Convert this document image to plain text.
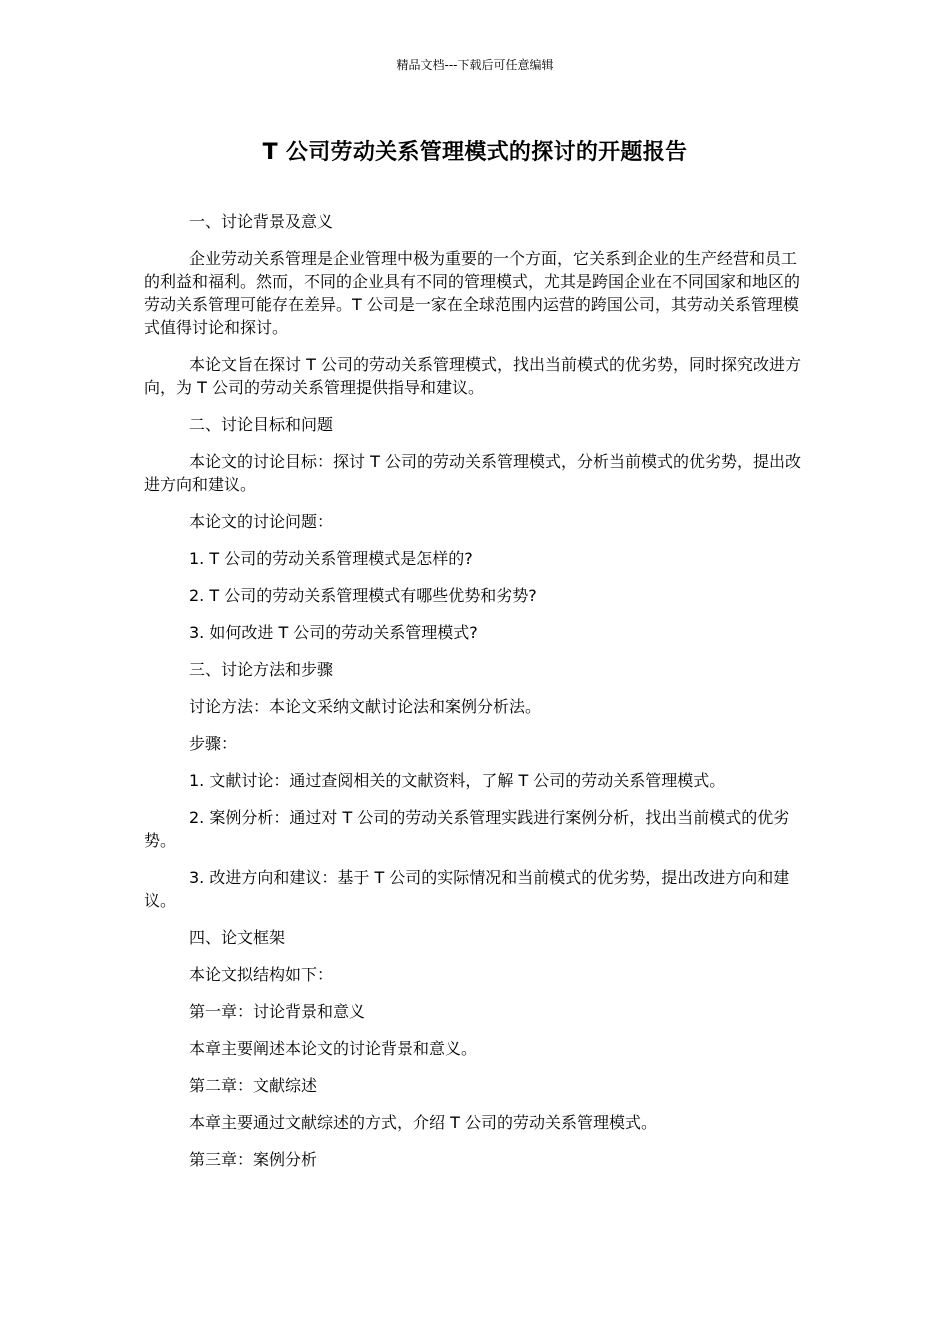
精品文档---下载后可任意编辑
T 公司劳动关系管理模式的探讨的开题报告

一、讨论背景及意义

企业劳动关系管理是企业管理中极为重要的一个方面，它关系到企业的生产经营和员工的利益和福利。然而，不同的企业具有不同的管理模式，尤其是跨国企业在不同国家和地区的劳动关系管理可能存在差异。T 公司是一家在全球范围内运营的跨国公司，其劳动关系管理模式值得讨论和探讨。

本论文旨在探讨 T 公司的劳动关系管理模式，找出当前模式的优劣势，同时探究改进方向，为 T 公司的劳动关系管理提供指导和建议。

二、讨论目标和问题

本论文的讨论目标：探讨 T 公司的劳动关系管理模式，分析当前模式的优劣势，提出改进方向和建议。

本论文的讨论问题：

1. T 公司的劳动关系管理模式是怎样的?

2. T 公司的劳动关系管理模式有哪些优势和劣势?

3. 如何改进 T 公司的劳动关系管理模式?

三、讨论方法和步骤

讨论方法：本论文采纳文献讨论法和案例分析法。

步骤：

1. 文献讨论：通过查阅相关的文献资料，了解 T 公司的劳动关系管理模式。

2. 案例分析：通过对 T 公司的劳动关系管理实践进行案例分析，找出当前模式的优劣势。

3. 改进方向和建议：基于 T 公司的实际情况和当前模式的优劣势，提出改进方向和建议。

四、论文框架

本论文拟结构如下：

第一章：讨论背景和意义

本章主要阐述本论文的讨论背景和意义。

第二章：文献综述

本章主要通过文献综述的方式，介绍 T 公司的劳动关系管理模式。

第三章：案例分析
